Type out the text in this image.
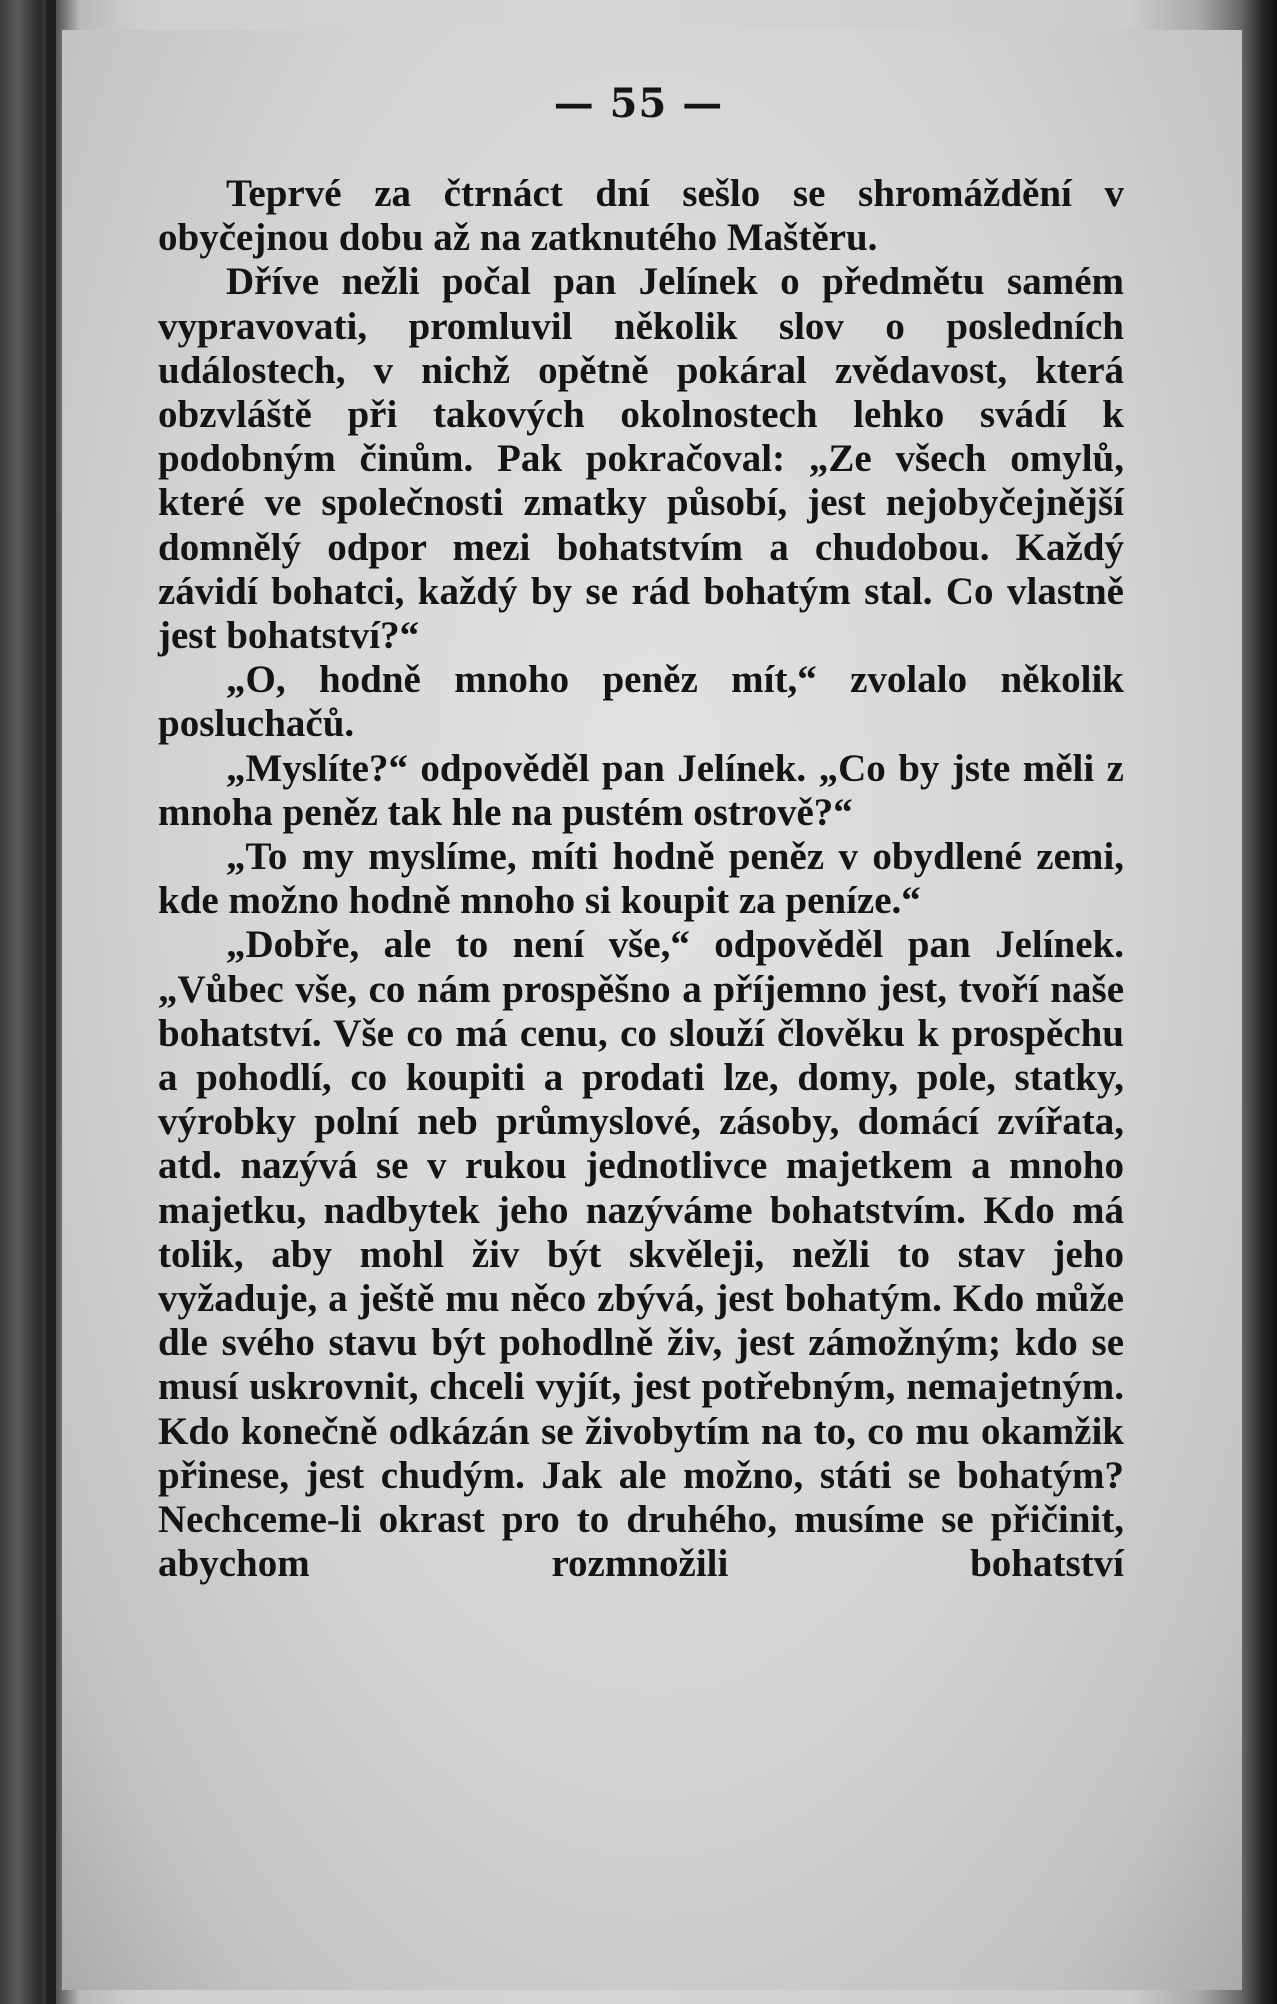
— 55 —

Teprvé za čtrnáct dní sešlo se shromáždění v obyčejnou dobu až na zatknutého Maštěru.

Dříve nežli počal pan Jelínek o předmětu samém vypravovati, promluvil několik slov o posledních událostech, v nichž opětně pokáral zvědavost, která obzvláště při takových okolnostech lehko svádí k podobným činům. Pak pokračoval: „Ze všech omylů, které ve společnosti zmatky působí, jest nejobyčejnější domnělý odpor mezi bohatstvím a chudobou. Každý závidí bohatci, každý by se rád bohatým stal. Co vlastně jest bohatství?“

„O, hodně mnoho peněz mít,“ zvolalo několik posluchačů.

„Myslíte?“ odpověděl pan Jelínek. „Co by jste měli z mnoha peněz tak hle na pustém ostrově?“

„To my myslíme, míti hodně peněz v obydlené zemi, kde možno hodně mnoho si koupit za peníze.“

„Dobře, ale to není vše,“ odpověděl pan Jelínek. „Vůbec vše, co nám prospěšno a příjemno jest, tvoří naše bohatství. Vše co má cenu, co slouží člověku k prospěchu a pohodlí, co koupiti a prodati lze, domy, pole, statky, výrobky polní neb průmyslové, zásoby, domácí zvířata, atd. nazývá se v rukou jednotlivce majetkem a mnoho majetku, nadbytek jeho nazýváme bohatstvím. Kdo má tolik, aby mohl živ být skvěleji, nežli to stav jeho vyžaduje, a ještě mu něco zbývá, jest bohatým. Kdo může dle svého stavu být pohodlně živ, jest zámožným; kdo se musí uskrovnit, chceli vyjít, jest potřebným, nemajetným. Kdo konečně odkázán se živobytím na to, co mu okamžik přinese, jest chudým. Jak ale možno, státi se bohatým? Nechceme-li okrast pro to druhého, musíme se přičinit, abychom rozmnožili bohatství
